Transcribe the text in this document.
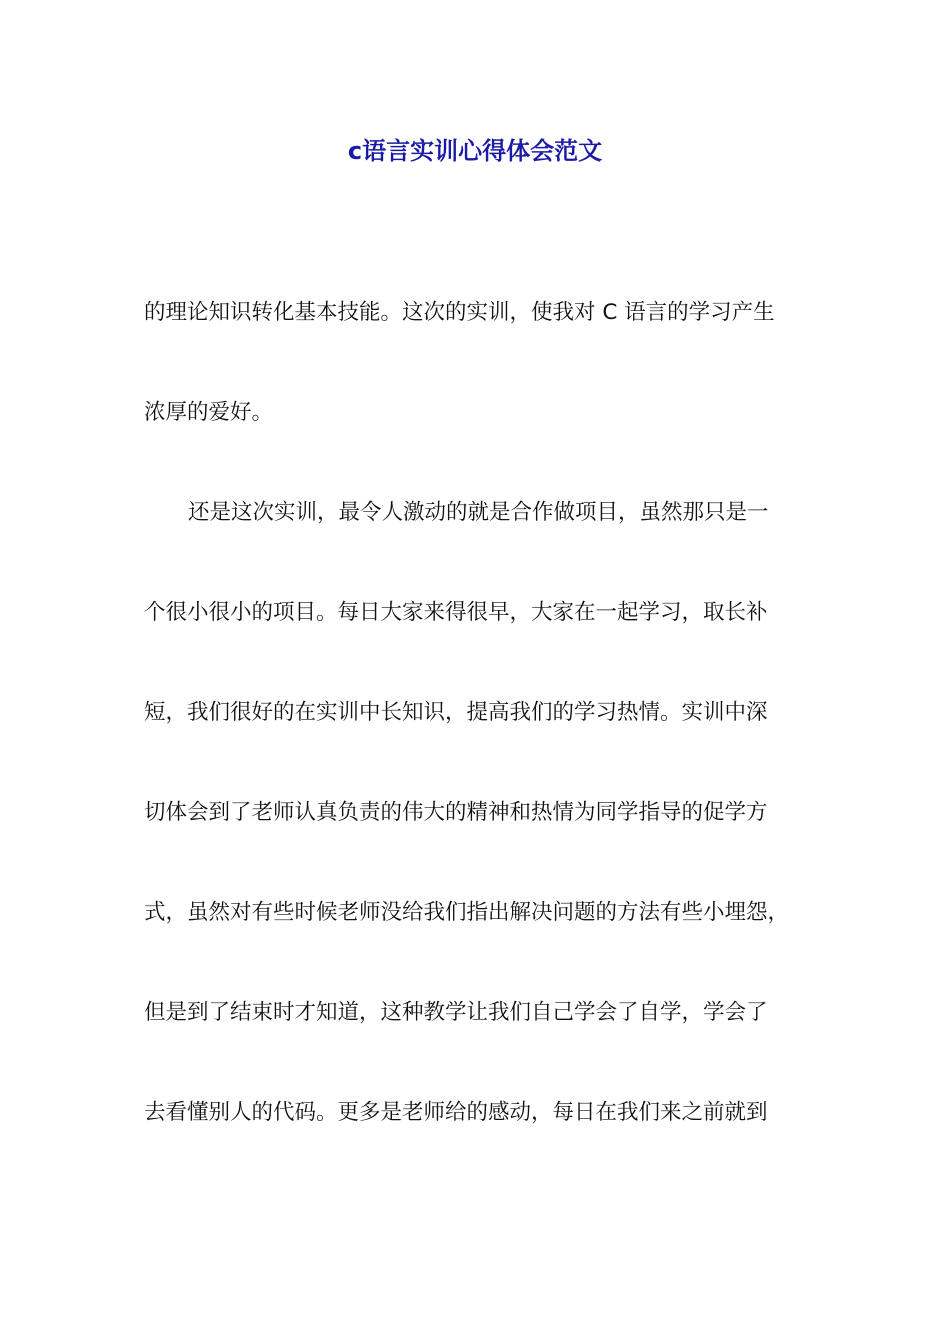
c语言实训心得体会范文

的理论知识转化基本技能。这次的实训，使我对 C 语言的学习产生

浓厚的爱好。

还是这次实训，最令人激动的就是合作做项目，虽然那只是一

个很小很小的项目。每日大家来得很早，大家在一起学习，取长补

短，我们很好的在实训中长知识，提高我们的学习热情。实训中深

切体会到了老师认真负责的伟大的精神和热情为同学指导的促学方

式，虽然对有些时候老师没给我们指出解决问题的方法有些小埋怨，

但是到了结束时才知道，这种教学让我们自己学会了自学，学会了

去看懂别人的代码。更多是老师给的感动，每日在我们来之前就到
